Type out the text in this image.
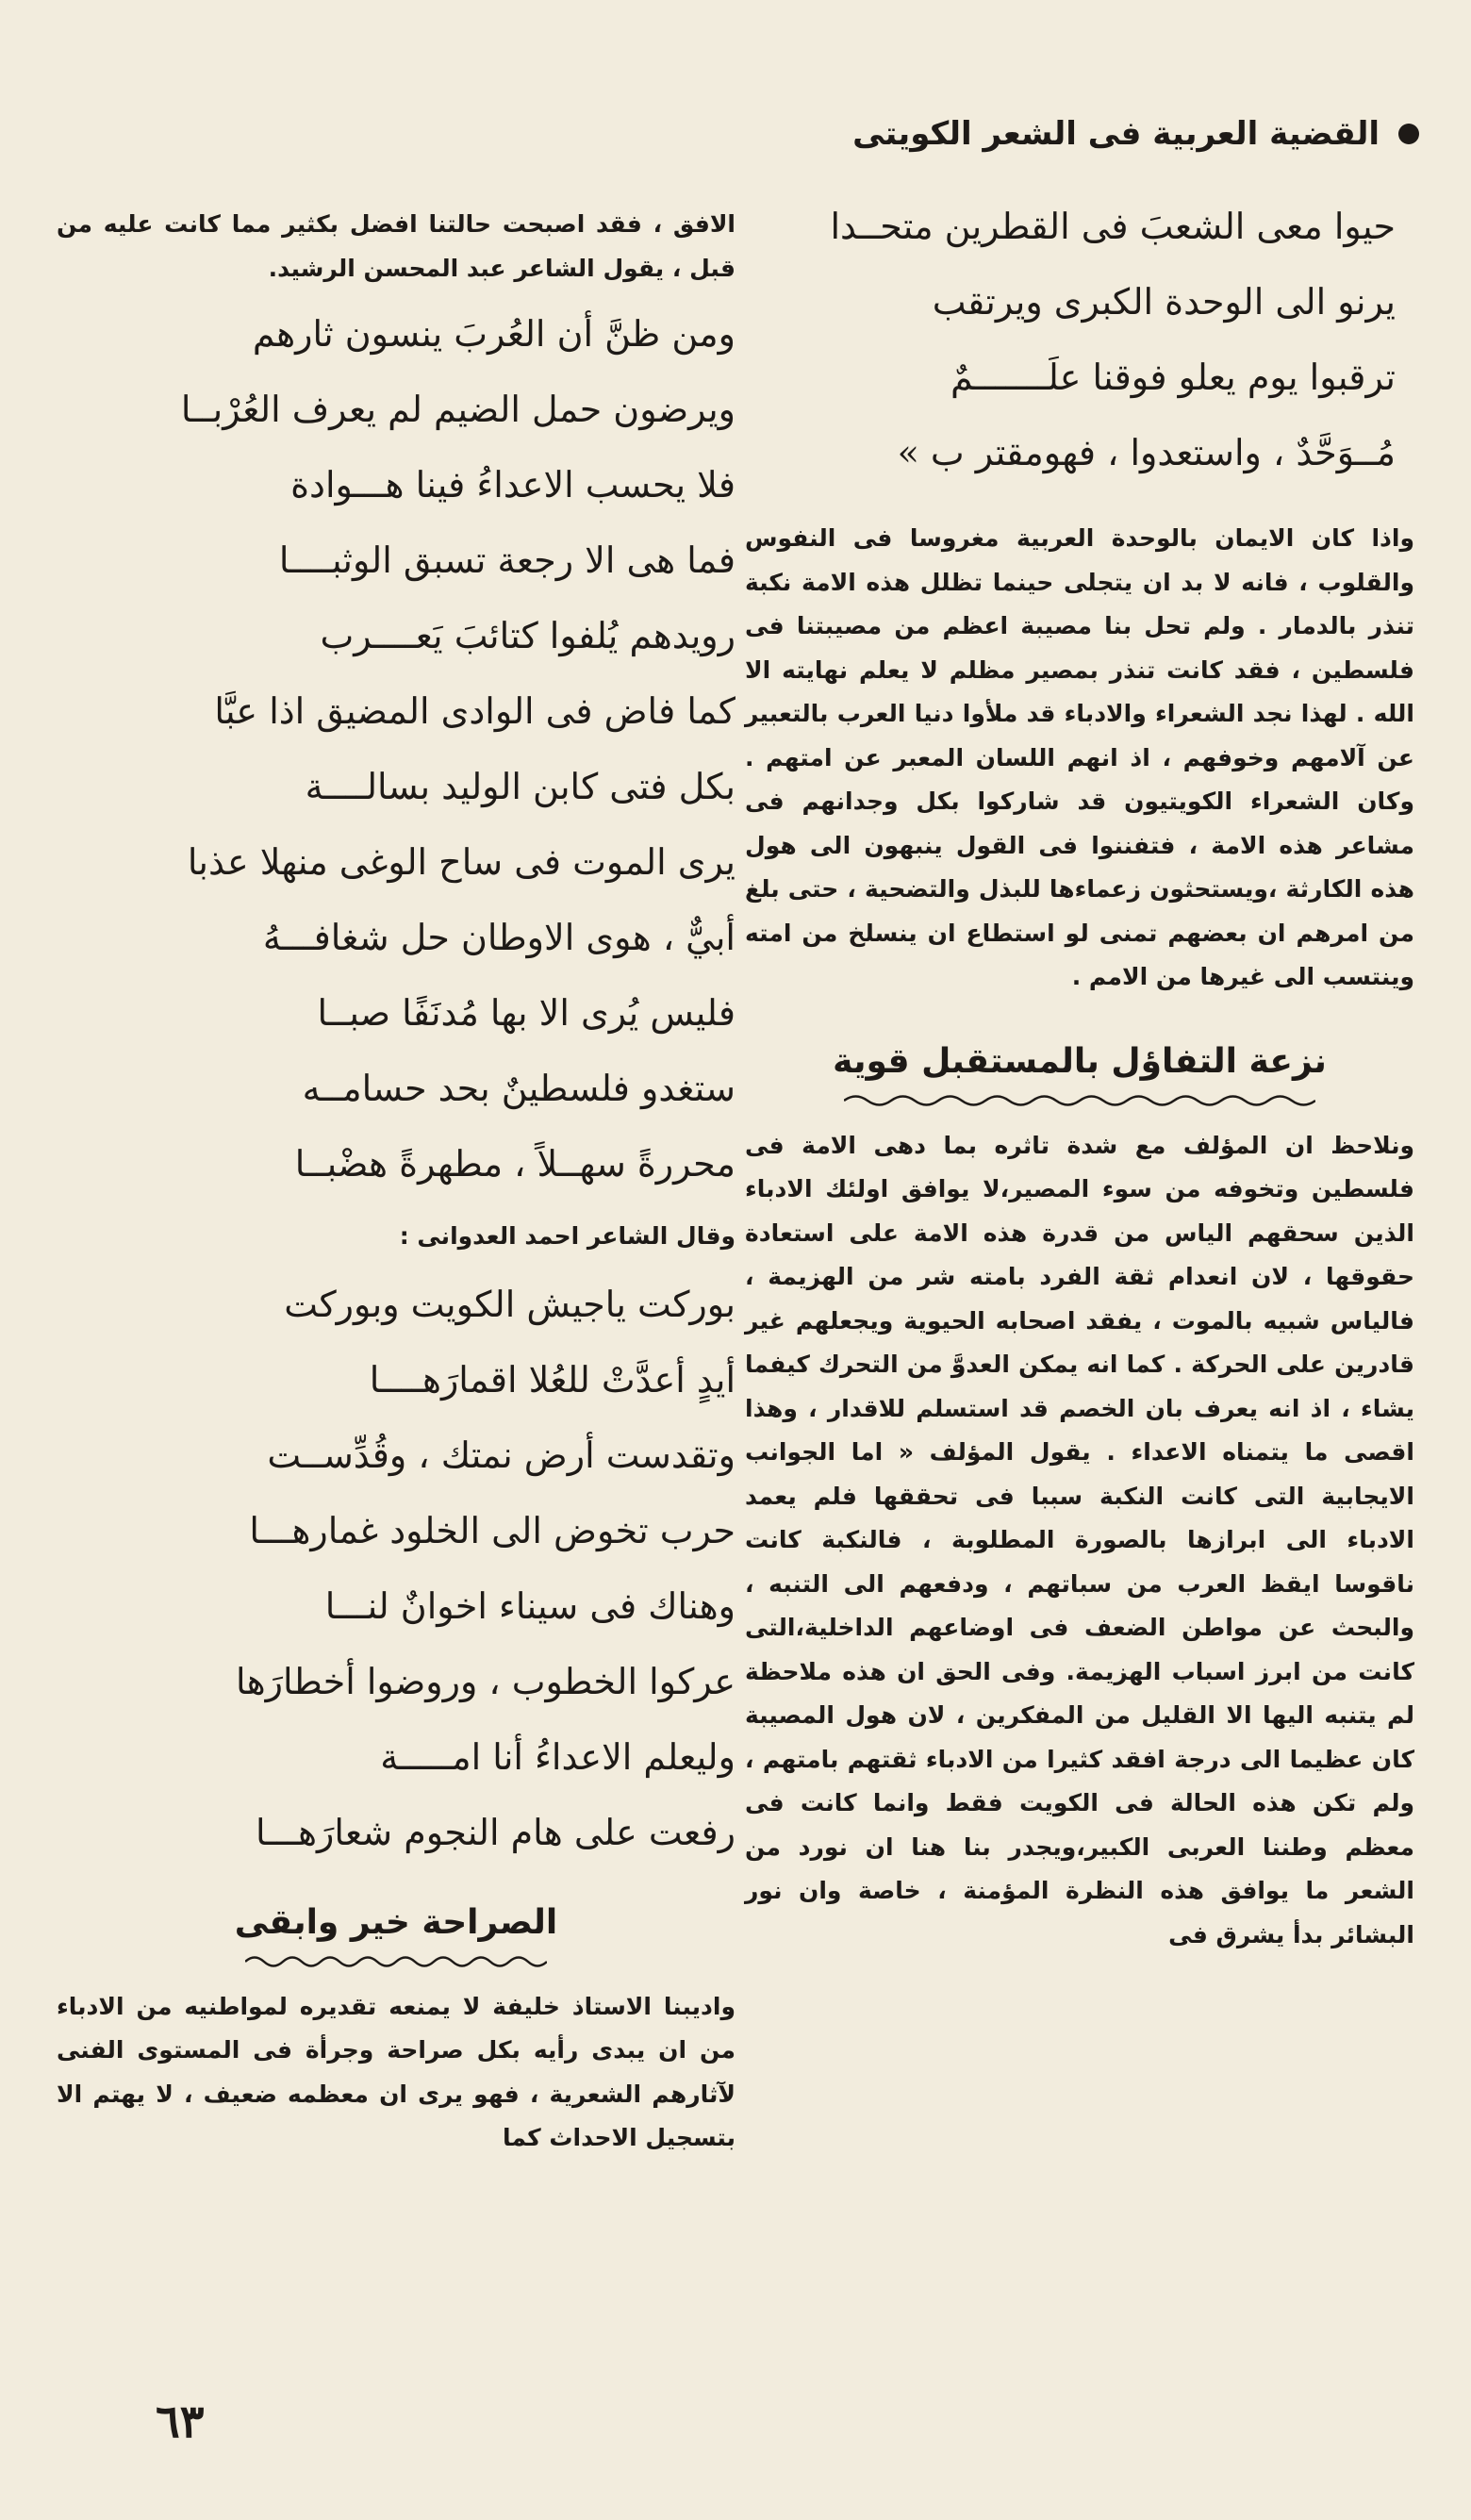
القضية العربية فى الشعر الكويتى
حيوا معى الشعبَ فى القطرين متحــدا
يرنو الى الوحدة الكبرى ويرتقب
ترقبوا يوم يعلو فوقنا علَـــــــمٌ
مُــوَحَّدٌ ، واستعدوا ، فهومقتر ب »

واذا كان الايمان بالوحدة العربية مغروسا فى النفوس والقلوب ، فانه لا بد ان يتجلى حينما تظلل هذه الامة نكبة تنذر بالدمار . ولم تحل بنا مصيبة اعظم من مصيبتنا فى فلسطين ، فقد كانت تنذر بمصير مظلم لا يعلم نهايته الا الله . لهذا نجد الشعراء والادباء قد ملأوا دنيا العرب بالتعبير عن آلامهم وخوفهم ، اذ انهم اللسان المعبر عن امتهم . وكان الشعراء الكويتيون قد شاركوا بكل وجدانهم فى مشاعر هذه الامة ، فتفننوا فى القول ينبهون الى هول هذه الكارثة ،ويستحثون زعماءها للبذل والتضحية ، حتى بلغ من امرهم ان بعضهم تمنى لو استطاع ان ينسلخ من امته وينتسب الى غيرها من الامم .

نزعة التفاؤل بالمستقبل قوية

ونلاحظ ان المؤلف مع شدة تاثره بما دهى الامة فى فلسطين وتخوفه من سوء المصير،لا يوافق اولئك الادباء الذين سحقهم الياس من قدرة هذه الامة على استعادة حقوقها ، لان انعدام ثقة الفرد بامته شر من الهزيمة ، فالياس شبيه بالموت ، يفقد اصحابه الحيوية ويجعلهم غير قادرين على الحركة . كما انه يمكن العدوَّ من التحرك كيفما يشاء ، اذ انه يعرف بان الخصم قد استسلم للاقدار ، وهذا اقصى ما يتمناه الاعداء . يقول المؤلف « اما الجوانب الايجابية التى كانت النكبة سببا فى تحققها فلم يعمد الادباء الى ابرازها بالصورة المطلوبة ، فالنكبة كانت ناقوسا ايقظ العرب من سباتهم ، ودفعهم الى التنبه ، والبحث عن مواطن الضعف فى اوضاعهم الداخلية،التى كانت من ابرز اسباب الهزيمة. وفى الحق ان هذه ملاحظة لم يتنبه اليها الا القليل من المفكرين ، لان هول المصيبة كان عظيما الى درجة افقد كثيرا من الادباء ثقتهم بامتهم ، ولم تكن هذه الحالة فى الكويت فقط وانما كانت فى معظم وطننا العربى الكبير،ويجدر بنا هنا ان نورد من الشعر ما يوافق هذه النظرة المؤمنة ، خاصة وان نور البشائر بدأ يشرق فى

الافق ، فقد اصبحت حالتنا افضل بكثير مما كانت عليه من قبل ، يقول الشاعر عبد المحسن الرشيد.

ومن ظنَّ أن العُربَ ينسون ثارهم
ويرضون حمل الضيم لم يعرف العُرْبــا
فلا يحسب الاعداءُ فينا هـــوادة
فما هى الا رجعة تسبق الوثبــــا
رويدهم يُلفوا كتائبَ يَعــــرب
كما فاض فى الوادى المضيق اذا عبَّا
بكل فتى كابن الوليد بسالــــة
يرى الموت فى ساح الوغى منهلا عذبا
أبيٌّ ، هوى الاوطان حل شغافـــهُ
فليس يُرى الا بها مُدنَفًا صبــا
ستغدو فلسطينٌ بحد حسامــه
محررةً سهــلاً ، مطهرةً هضْبــا

وقال الشاعر احمد العدوانى :

بوركت ياجيش الكويت وبوركت
أيدٍ أعدَّتْ للعُلا اقمارَهــــا
وتقدست أرض نمتك ، وقُدِّســت
حرب تخوض الى الخلود غمارهـــا
وهناك فى سيناء اخوانٌ لنـــا
عركوا الخطوب ، وروضوا أخطارَها
وليعلم الاعداءُ أنا امـــــة
رفعت على هام النجوم شعارَهـــا

الصراحة خير وابقى

واديبنا الاستاذ خليفة لا يمنعه تقديره لمواطنيه من الادباء من ان يبدى رأيه بكل صراحة وجرأة فى المستوى الفنى لآثارهم الشعرية ، فهو يرى ان معظمه ضعيف ، لا يهتم الا بتسجيل الاحداث كما

٦٣
